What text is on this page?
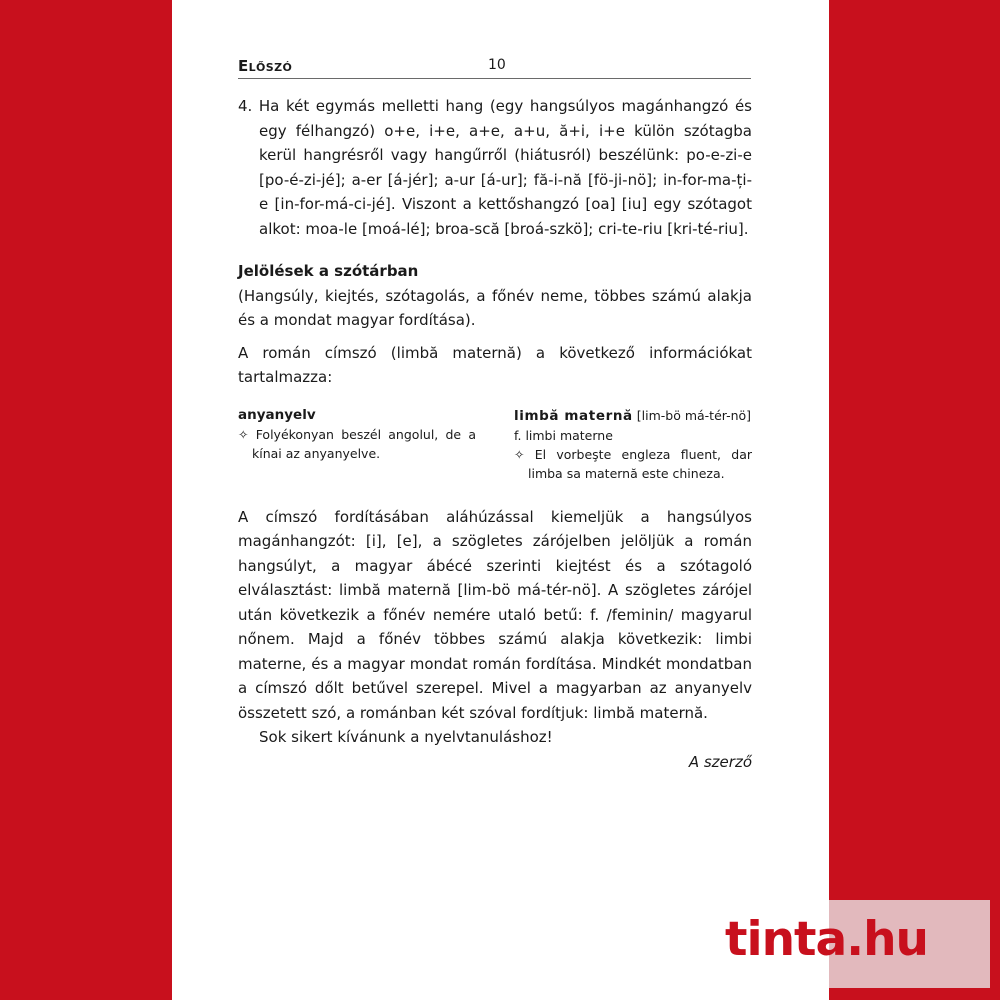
Előszó	10

4. Ha két egymás melletti hang (egy hangsúlyos magánhangzó és egy félhangzó) o+e, i+e, a+e, a+u, ă+i, i+e külön szótagba kerül hangrésről vagy hangűrről (hiátusról) beszélünk: po-e-zi-e [po-é-zi-jé]; a-er [á-jér]; a-ur [á-ur]; fă-i-nă [fö-ji-nö]; in-for-ma-ți-e [in-for-má-ci-jé]. Viszont a kettőshangzó [oa] [iu] egy szótagot alkot: moa-le [moá-lé]; broa-scă [broá-szkö]; cri-te-riu [kri-té-riu].

Jelölések a szótárban

(Hangsúly, kiejtés, szótagolás, a főnév neme, többes számú alakja és a mondat magyar fordítása).

A román címszó (limbă maternă) a következő információkat tartalmazza:

anyanyelv
✧ Folyékonyan beszél angolul, de a kínai az anyanyelve.
limbă maternă [lim-bö má-tér-nö] f. limbi materne
✧ El vorbeşte engleza fluent, dar limba sa maternă este chineza.

A címszó fordításában aláhúzással kiemeljük a hangsúlyos magánhangzót: [i], [e], a szögletes zárójelben jelöljük a román hangsúlyt, a magyar ábécé szerinti kiejtést és a szótagoló elválasztást: limbă maternă [lim-bö má-tér-nö]. A szögletes zárójel után következik a főnév nemére utaló betű: f. /feminin/ magyarul nőnem. Majd a főnév többes számú alakja következik: limbi materne, és a magyar mondat román fordítása. Mindkét mondatban a címszó dőlt betűvel szerepel. Mivel a magyarban az anyanyelv összetett szó, a románban két szóval fordítjuk: limbă maternă.

Sok sikert kívánunk a nyelvtanuláshoz!

A szerző

tinta.hu
